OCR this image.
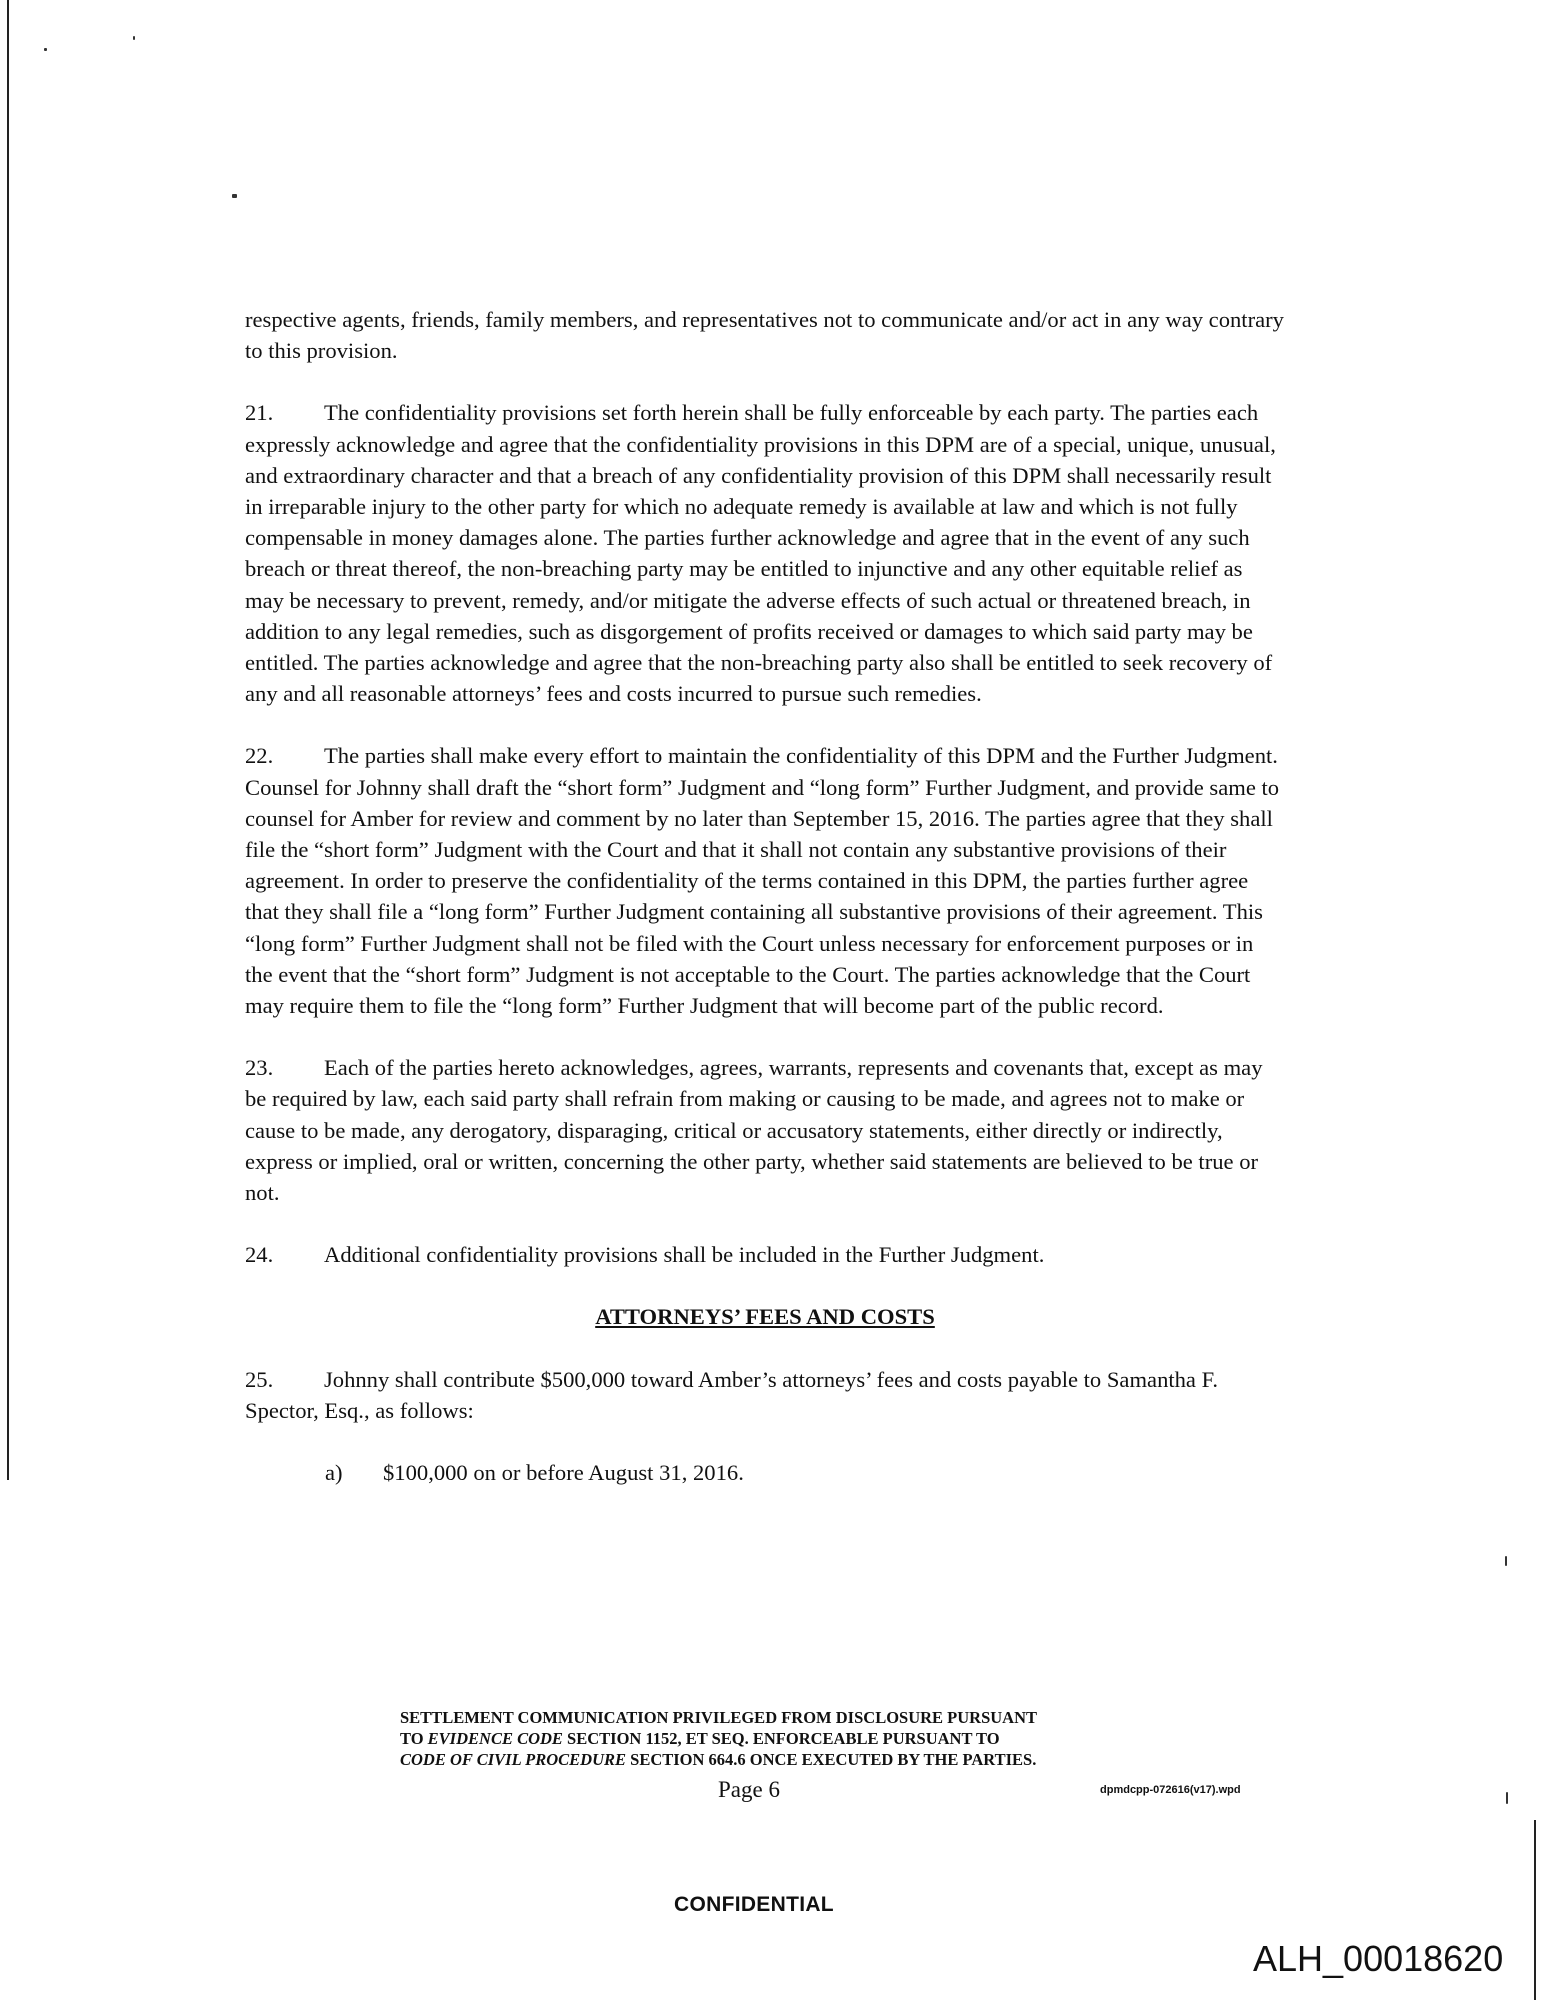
respective agents, friends, family members, and representatives not to communicate and/or act in any way contrary to this provision.

21. The confidentiality provisions set forth herein shall be fully enforceable by each party. The parties each expressly acknowledge and agree that the confidentiality provisions in this DPM are of a special, unique, unusual, and extraordinary character and that a breach of any confidentiality provision of this DPM shall necessarily result in irreparable injury to the other party for which no adequate remedy is available at law and which is not fully compensable in money damages alone. The parties further acknowledge and agree that in the event of any such breach or threat thereof, the non-breaching party may be entitled to injunctive and any other equitable relief as may be necessary to prevent, remedy, and/or mitigate the adverse effects of such actual or threatened breach, in addition to any legal remedies, such as disgorgement of profits received or damages to which said party may be entitled. The parties acknowledge and agree that the non-breaching party also shall be entitled to seek recovery of any and all reasonable attorneys’ fees and costs incurred to pursue such remedies.

22. The parties shall make every effort to maintain the confidentiality of this DPM and the Further Judgment. Counsel for Johnny shall draft the “short form” Judgment and “long form” Further Judgment, and provide same to counsel for Amber for review and comment by no later than September 15, 2016. The parties agree that they shall file the “short form” Judgment with the Court and that it shall not contain any substantive provisions of their agreement. In order to preserve the confidentiality of the terms contained in this DPM, the parties further agree that they shall file a “long form” Further Judgment containing all substantive provisions of their agreement. This “long form” Further Judgment shall not be filed with the Court unless necessary for enforcement purposes or in the event that the “short form” Judgment is not acceptable to the Court. The parties acknowledge that the Court may require them to file the “long form” Further Judgment that will become part of the public record.

23. Each of the parties hereto acknowledges, agrees, warrants, represents and covenants that, except as may be required by law, each said party shall refrain from making or causing to be made, and agrees not to make or cause to be made, any derogatory, disparaging, critical or accusatory statements, either directly or indirectly, express or implied, oral or written, concerning the other party, whether said statements are believed to be true or not.

24. Additional confidentiality provisions shall be included in the Further Judgment.

ATTORNEYS’ FEES AND COSTS

25. Johnny shall contribute $500,000 toward Amber’s attorneys’ fees and costs payable to Samantha F. Spector, Esq., as follows:

a) $100,000 on or before August 31, 2016.

SETTLEMENT COMMUNICATION PRIVILEGED FROM DISCLOSURE PURSUANT
TO EVIDENCE CODE SECTION 1152, ET SEQ. ENFORCEABLE PURSUANT TO
CODE OF CIVIL PROCEDURE SECTION 664.6 ONCE EXECUTED BY THE PARTIES.
Page 6	dpmdcpp-072616(v17).wpd
CONFIDENTIAL
ALH_00018620
